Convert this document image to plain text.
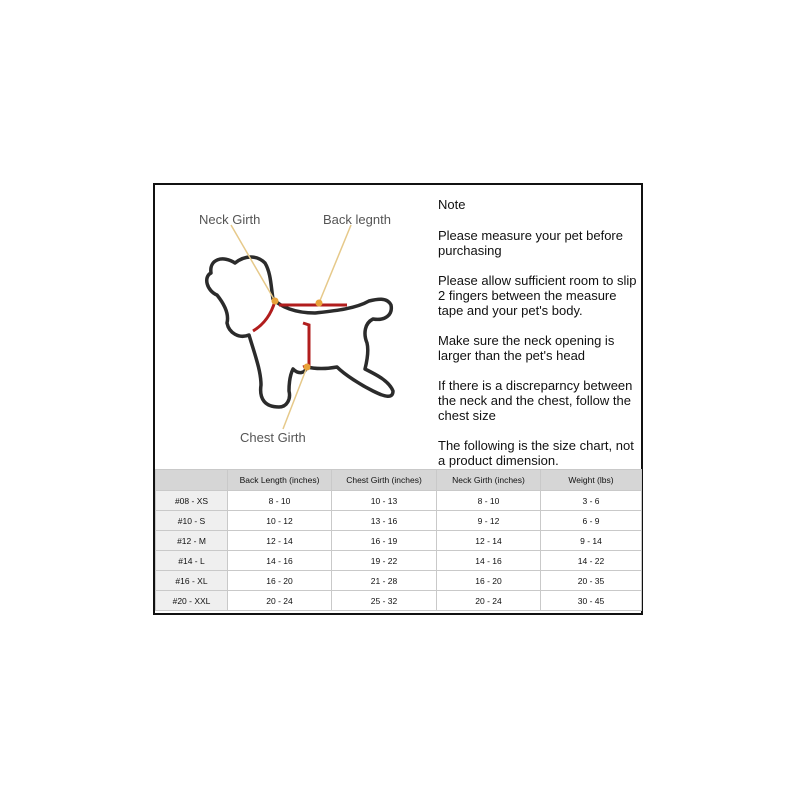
Neck Girth	Back legnth
Chest Girth

Note

Please measure your pet before purchasing

Please allow sufficient room to slip 2 fingers between the measure tape and your pet's body.

Make sure the neck opening is larger than the pet's head

If there is a discreparncy between the neck and the chest, follow the chest size

The following is the size chart, not a product dimension.

	Back Length (inches)	Chest Girth (inches)	Neck Girth (inches)	Weight (lbs)
#08 - XS	8 - 10	10 - 13	8 - 10	3 - 6
#10 - S	10 - 12	13 - 16	9 - 12	6 - 9
#12 - M	12 - 14	16 - 19	12 - 14	9 - 14
#14 - L	14 - 16	19 - 22	14 - 16	14 - 22
#16 - XL	16 - 20	21 - 28	16 - 20	20 - 35
#20 - XXL	20 - 24	25 - 32	20 - 24	30 - 45
